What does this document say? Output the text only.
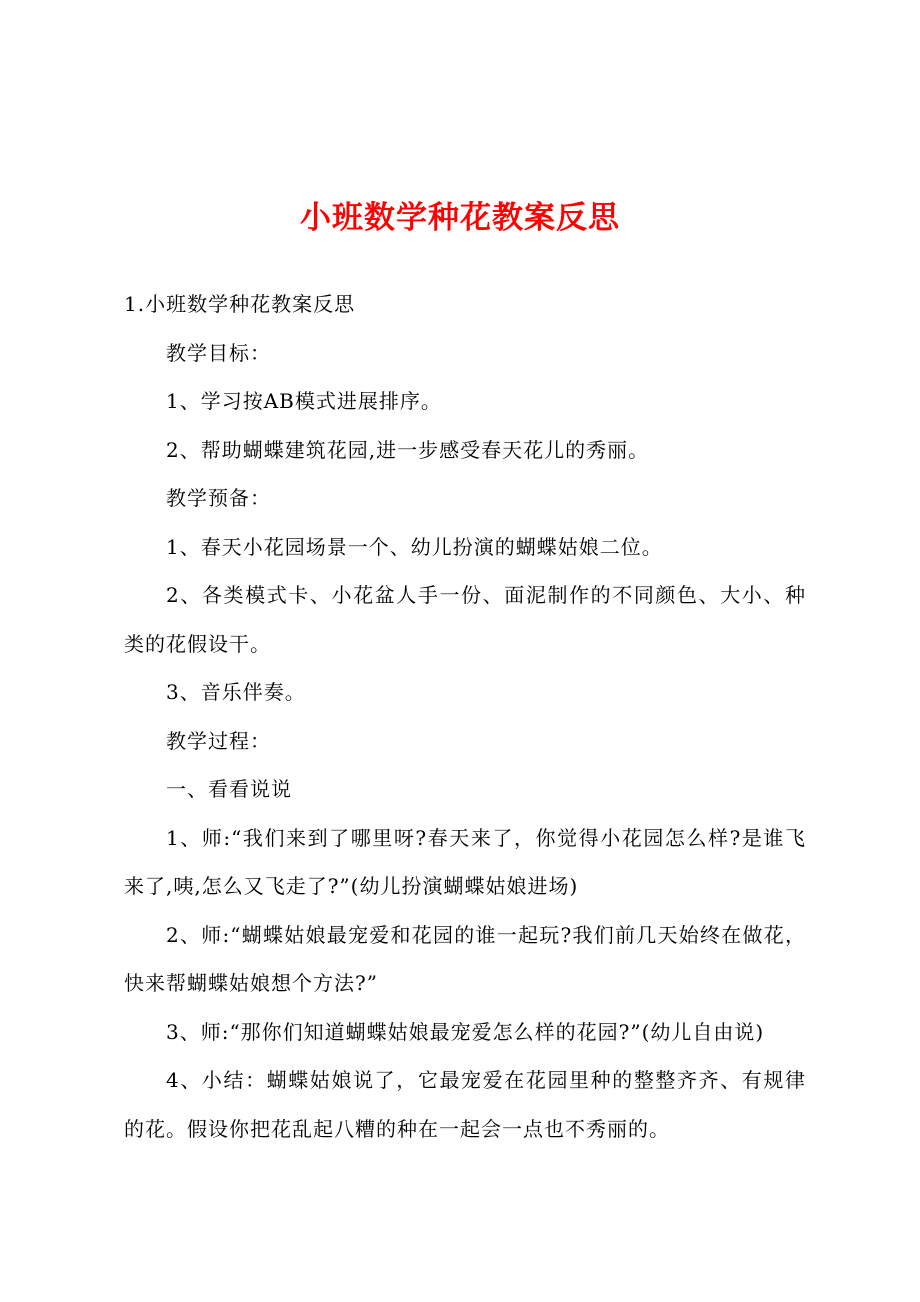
小班数学种花教案反思

1.小班数学种花教案反思

教学目标：

1、学习按AB模式进展排序。

2、帮助蝴蝶建筑花园,进一步感受春天花儿的秀丽。

教学预备：

1、春天小花园场景一个、幼儿扮演的蝴蝶姑娘二位。

2、各类模式卡、小花盆人手一份、面泥制作的不同颜色、大小、种类的花假设干。

3、音乐伴奏。

教学过程：

一、看看说说

1、师:“我们来到了哪里呀?春天来了，你觉得小花园怎么样?是谁飞来了,咦,怎么又飞走了?”(幼儿扮演蝴蝶姑娘进场)

2、师:“蝴蝶姑娘最宠爱和花园的谁一起玩?我们前几天始终在做花，快来帮蝴蝶姑娘想个方法?”

3、师:“那你们知道蝴蝶姑娘最宠爱怎么样的花园?”(幼儿自由说)

4、小结：蝴蝶姑娘说了，它最宠爱在花园里种的整整齐齐、有规律的花。假设你把花乱起八糟的种在一起会一点也不秀丽的。
